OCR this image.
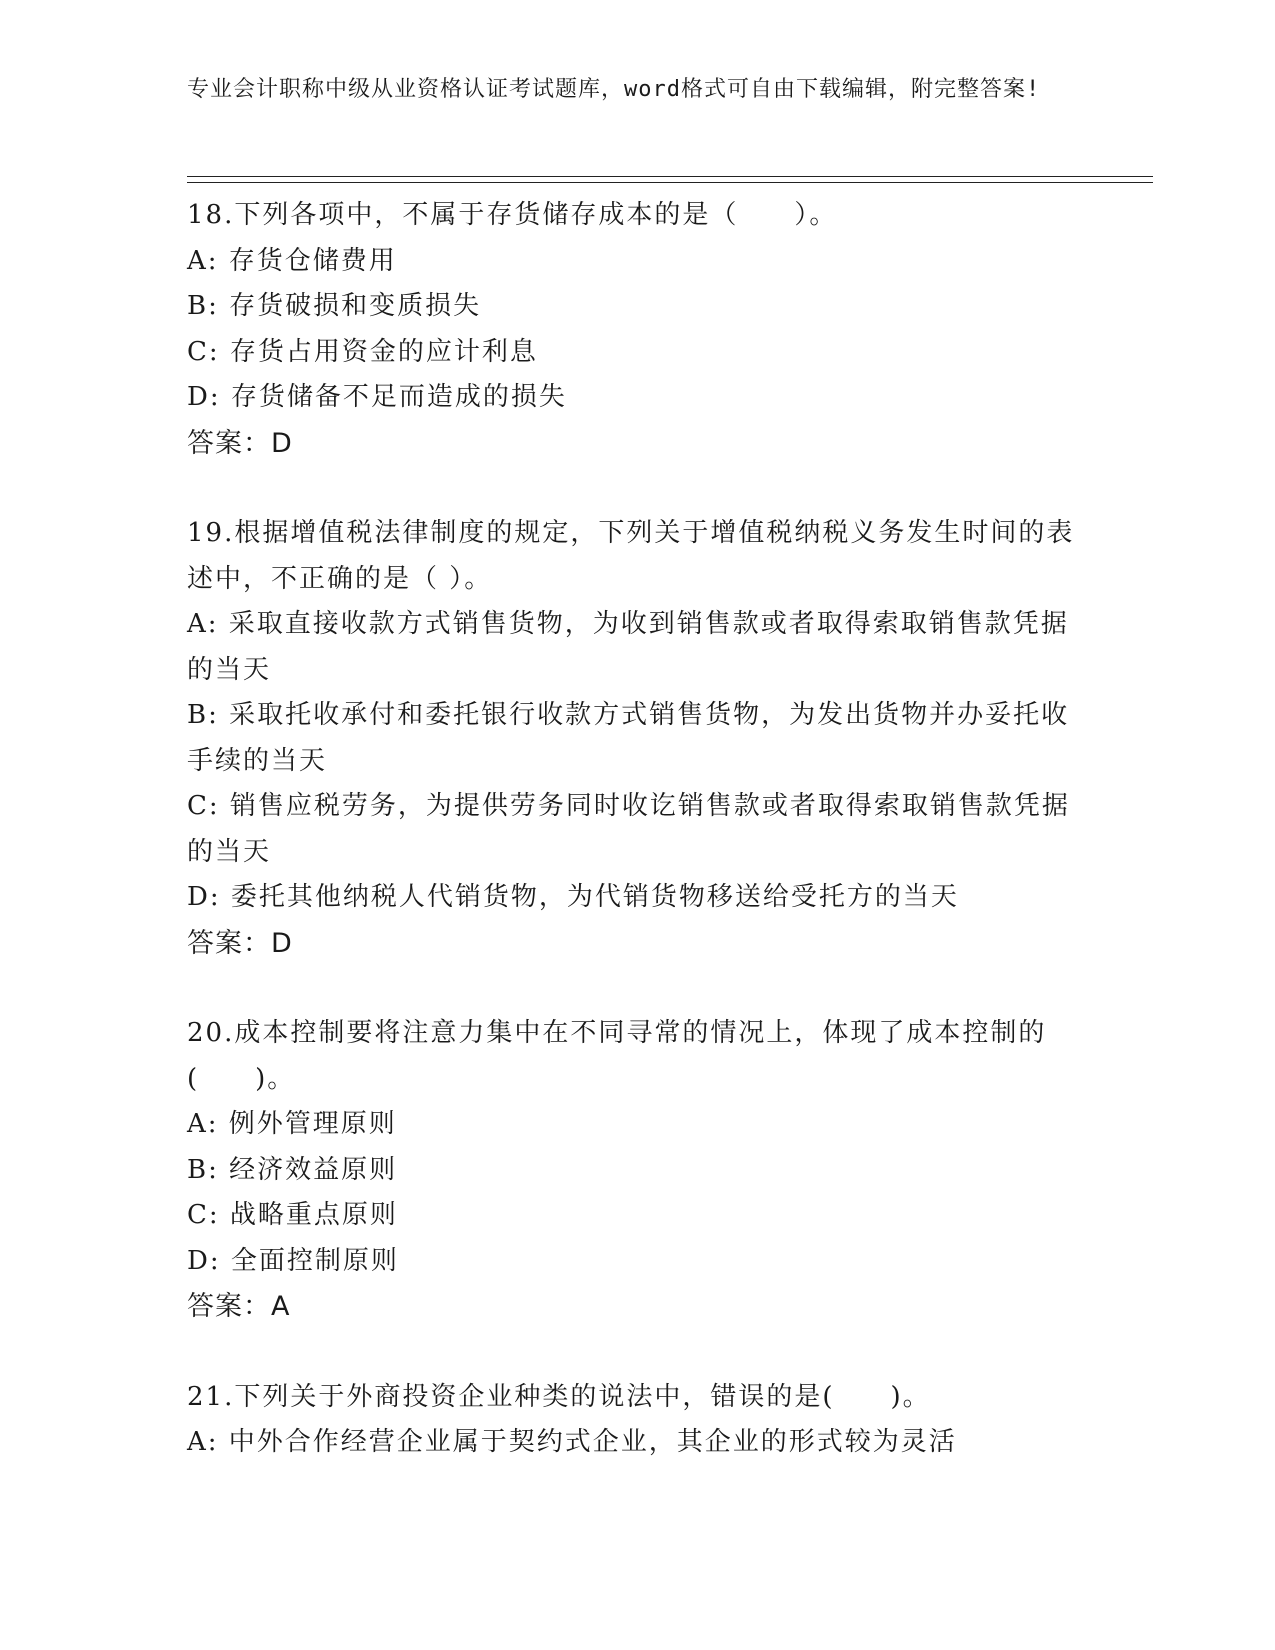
专业会计职称中级从业资格认证考试题库，word格式可自由下载编辑，附完整答案!

18.下列各项中，不属于存货储存成本的是（　　）。

A: 存货仓储费用

B: 存货破损和变质损失

C: 存货占用资金的应计利息

D: 存货储备不足而造成的损失

答案：D

19.根据增值税法律制度的规定，下列关于增值税纳税义务发生时间的表述中，不正确的是（ ）。

A: 采取直接收款方式销售货物，为收到销售款或者取得索取销售款凭据的当天

B: 采取托收承付和委托银行收款方式销售货物，为发出货物并办妥托收手续的当天

C: 销售应税劳务，为提供劳务同时收讫销售款或者取得索取销售款凭据的当天

D: 委托其他纳税人代销货物，为代销货物移送给受托方的当天

答案：D

20.成本控制要将注意力集中在不同寻常的情况上，体现了成本控制的(　　)。

A: 例外管理原则

B: 经济效益原则

C: 战略重点原则

D: 全面控制原则

答案：A

21.下列关于外商投资企业种类的说法中，错误的是(　　)。

A: 中外合作经营企业属于契约式企业，其企业的形式较为灵活
